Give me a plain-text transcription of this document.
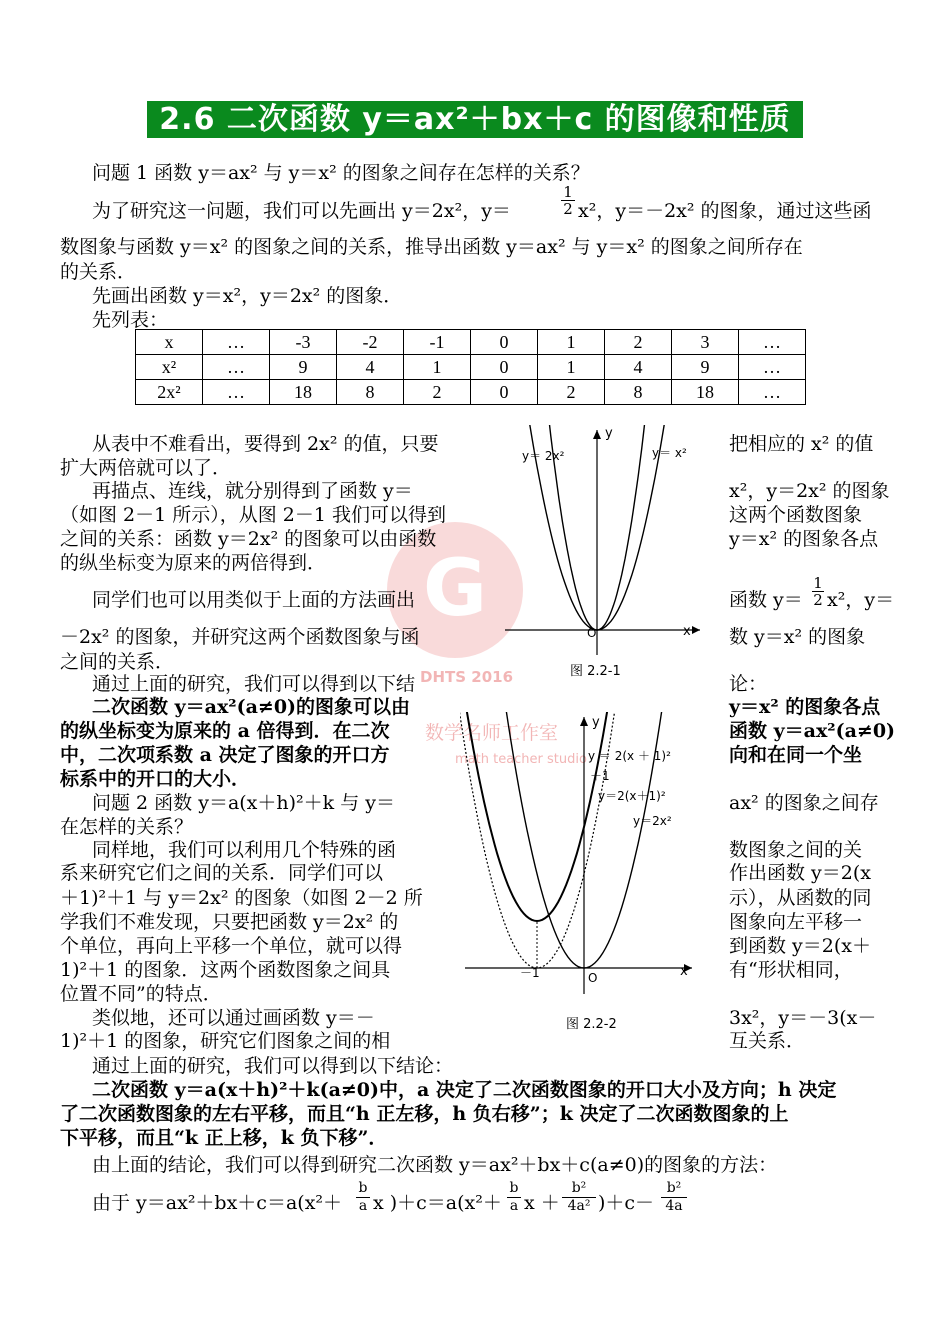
2.6 二次函数 y＝ax²＋bx＋c 的图像和性质
G
DHTS 2016
数学名师工作室
math teacher studio
问题 1 函数 y＝ax² 与 y＝x² 的图象之间存在怎样的关系？
为了研究这一问题，我们可以先画出 y＝2x²，y＝
1
2 x²，y＝－2x² 的图象，通过这些函
数图象与函数 y＝x² 的图象之间的关系，推导出函数 y＝ax² 与 y＝x² 的图象之间所存在
的关系．
先画出函数 y＝x²，y＝2x² 的图象．
先列表：
x	…	-3	-2	-1	0	1	2	3	…
x²	…	9	4	1	0	1	4	9	…
2x²	…	18	8	2	0	2	8	18	…
从表中不难看出，要得到 2x² 的值，只要	把相应的 x² 的值
扩大两倍就可以了．
再描点、连线，就分别得到了函数 y＝	x²，y＝2x² 的图象
（如图 2－1 所示），从图 2－1 我们可以得到	这两个函数图象
之间的关系：函数 y＝2x² 的图象可以由函数	y＝x² 的图象各点
的纵坐标变为原来的两倍得到．
同学们也可以用类似于上面的方法画出	函数 y＝
1
2 x²，y＝
－2x² 的图象，并研究这两个函数图象与函	数 y＝x² 的图象
之间的关系．
通过上面的研究，我们可以得到以下结	论：
二次函数 y＝ax²(a≠0)的图象可以由	y＝x² 的图象各点
的纵坐标变为原来的 a 倍得到．在二次	函数 y＝ax²(a≠0)
中，二次项系数 a 决定了图象的开口方	向和在同一个坐
标系中的开口的大小．
问题 2 函数 y＝a(x＋h)²＋k 与 y＝	ax² 的图象之间存
在怎样的关系？
同样地，我们可以利用几个特殊的函	数图象之间的关
系来研究它们之间的关系．同学们可以	作出函数 y＝2(x
＋1)²＋1 与 y＝2x² 的图象（如图 2－2 所	示），从函数的同
学我们不难发现，只要把函数 y＝2x² 的	图象向左平移一
个单位，再向上平移一个单位，就可以得	到函数 y＝2(x＋
1)²＋1 的图象．这两个函数图象之间具	有“形状相同，
位置不同”的特点．
类似地，还可以通过画函数 y＝－	3x²，y＝－3(x－
1)²＋1 的图象，研究它们图象之间的相	互关系．
通过上面的研究，我们可以得到以下结论：
二次函数 y＝a(x＋h)²＋k(a≠0)中，a 决定了二次函数图象的开口大小及方向；h 决定
了二次函数图象的左右平移，而且“h 正左移，h 负右移”；k 决定了二次函数图象的上
下平移，而且“k 正上移，k 负下移”．
由上面的结论，我们可以得到研究二次函数 y＝ax²＋bx＋c(a≠0)的图象的方法：
由于 y＝ax²＋bx＋c＝a(x²＋
b
a x )＋c＝a(x²＋
b
a x ＋
b²
4a² )＋c－
b²
4a
y
x
O
y＝ 2x²	y＝ x²
图 2.2-1
y
x
O
－1
y ＝ 2(x ＋ 1)²
＋1
y＝2(x＋1)²
y＝2x²
图 2.2-2
